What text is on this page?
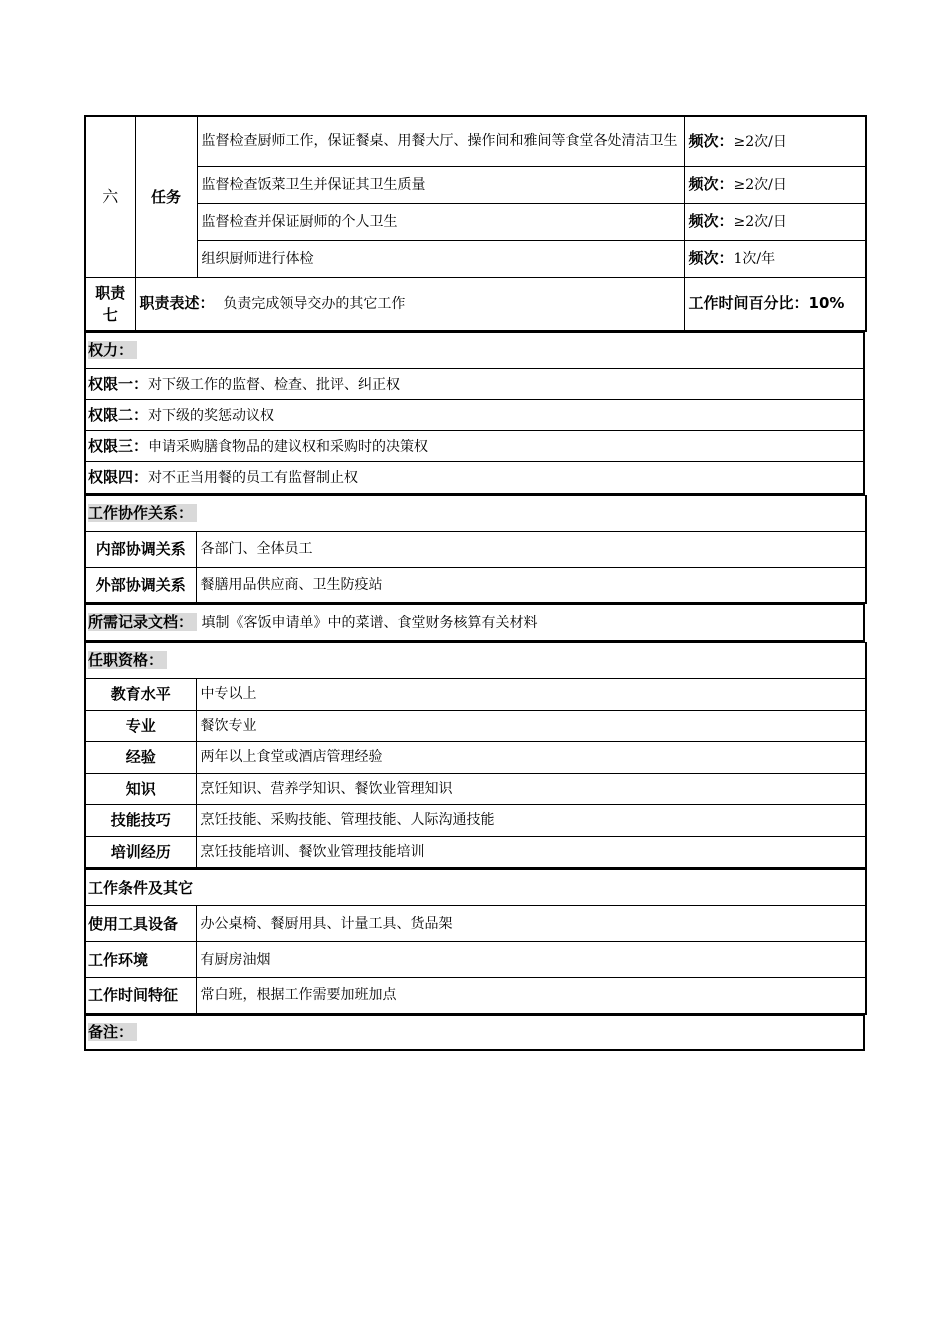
六	任务	监督检查厨师工作，保证餐桌、用餐大厅、操作间和雅间等食堂各处清洁卫生	频次：≥2次/日
		监督检查饭菜卫生并保证其卫生质量	频次：≥2次/日
		监督检查并保证厨师的个人卫生	频次：≥2次/日
		组织厨师进行体检	频次：1次/年
职责
七	职责表述： 负责完成领导交办的其它工作		工作时间百分比：10%
权力：
权限一：对下级工作的监督、检查、批评、纠正权
权限二：对下级的奖惩动议权
权限三：申请采购膳食物品的建议权和采购时的决策权
权限四：对不正当用餐的员工有监督制止权
工作协作关系：	
内部协调关系	各部门、全体员工
外部协调关系	餐膳用品供应商、卫生防疫站
所需记录文档： 填制《客饭申请单》中的菜谱、食堂财务核算有关材料
任职资格：	
教育水平	中专以上
专业	餐饮专业
经验	两年以上食堂或酒店管理经验
知识	烹饪知识、营养学知识、餐饮业管理知识
技能技巧	烹饪技能、采购技能、管理技能、人际沟通技能
培训经历	烹饪技能培训、餐饮业管理技能培训
工作条件及其它	
使用工具设备	办公桌椅、餐厨用具、计量工具、货品架
工作环境	有厨房油烟
工作时间特征	常白班，根据工作需要加班加点
备注：
